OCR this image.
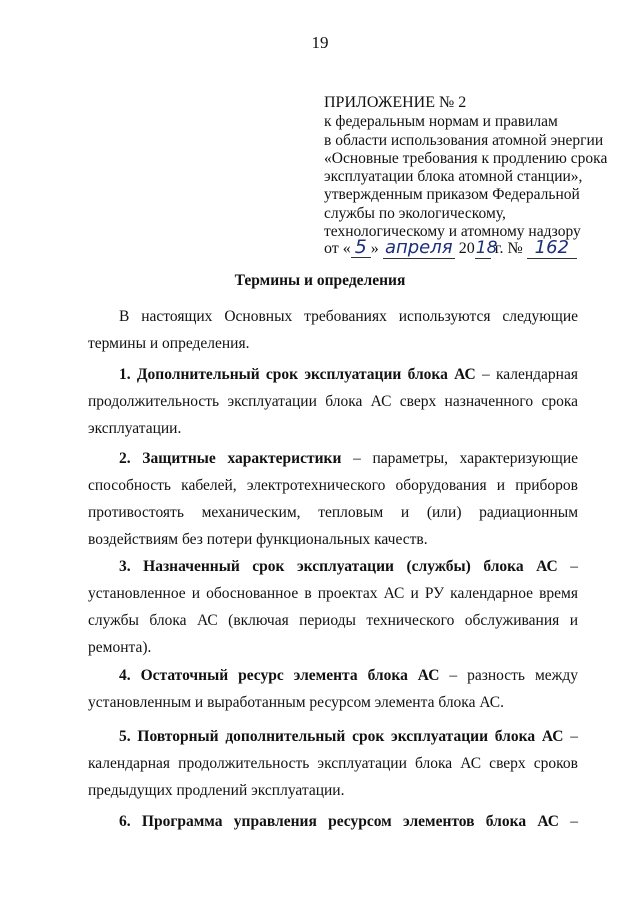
19
ПРИЛОЖЕНИЕ № 2
к федеральным нормам и правилам
в области использования атомной энергии
«Основные требования к продлению срока
эксплуатации блока атомной станции»,
утвержденным приказом Федеральной
службы по экологическому,
технологическому и атомному надзору
от « 5 » апреля 2018 г. № 162
Термины и определения
В настоящих Основных требованиях используются следующие
термины и определения.
1. Дополнительный срок эксплуатации блока АС – календарная
продолжительность эксплуатации блока АС сверх назначенного срока
эксплуатации.
2. Защитные характеристики – параметры, характеризующие
способность кабелей, электротехнического оборудования и приборов
противостоять механическим, тепловым и (или) радиационным
воздействиям без потери функциональных качеств.
3. Назначенный срок эксплуатации (службы) блока АС –
установленное и обоснованное в проектах АС и РУ календарное время
службы блока АС (включая периоды технического обслуживания и
ремонта).
4. Остаточный ресурс элемента блока АС – разность между
установленным и выработанным ресурсом элемента блока АС.
5. Повторный дополнительный срок эксплуатации блока АС –
календарная продолжительность эксплуатации блока АС сверх сроков
предыдущих продлений эксплуатации.
6. Программа управления ресурсом элементов блока АС –
